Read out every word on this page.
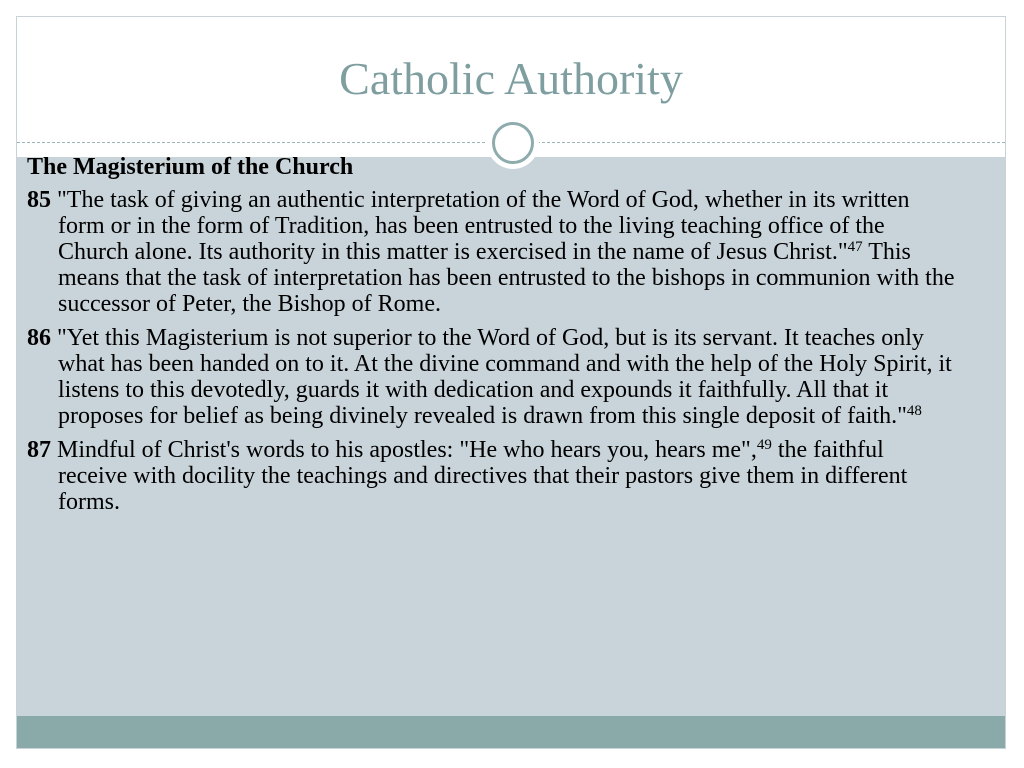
Catholic Authority
The Magisterium of the Church
85 "The task of giving an authentic interpretation of the Word of God, whether in its written form or in the form of Tradition, has been entrusted to the living teaching office of the Church alone. Its authority in this matter is exercised in the name of Jesus Christ."$^{47}$ This means that the task of interpretation has been entrusted to the bishops in communion with the successor of Peter, the Bishop of Rome.
86 "Yet this Magisterium is not superior to the Word of God, but is its servant. It teaches only what has been handed on to it. At the divine command and with the help of the Holy Spirit, it listens to this devotedly, guards it with dedication and expounds it faithfully. All that it proposes for belief as being divinely revealed is drawn from this single deposit of faith."$^{48}$
87 Mindful of Christ's words to his apostles: "He who hears you, hears me",$^{49}$ the faithful receive with docility the teachings and directives that their pastors give them in different forms.
